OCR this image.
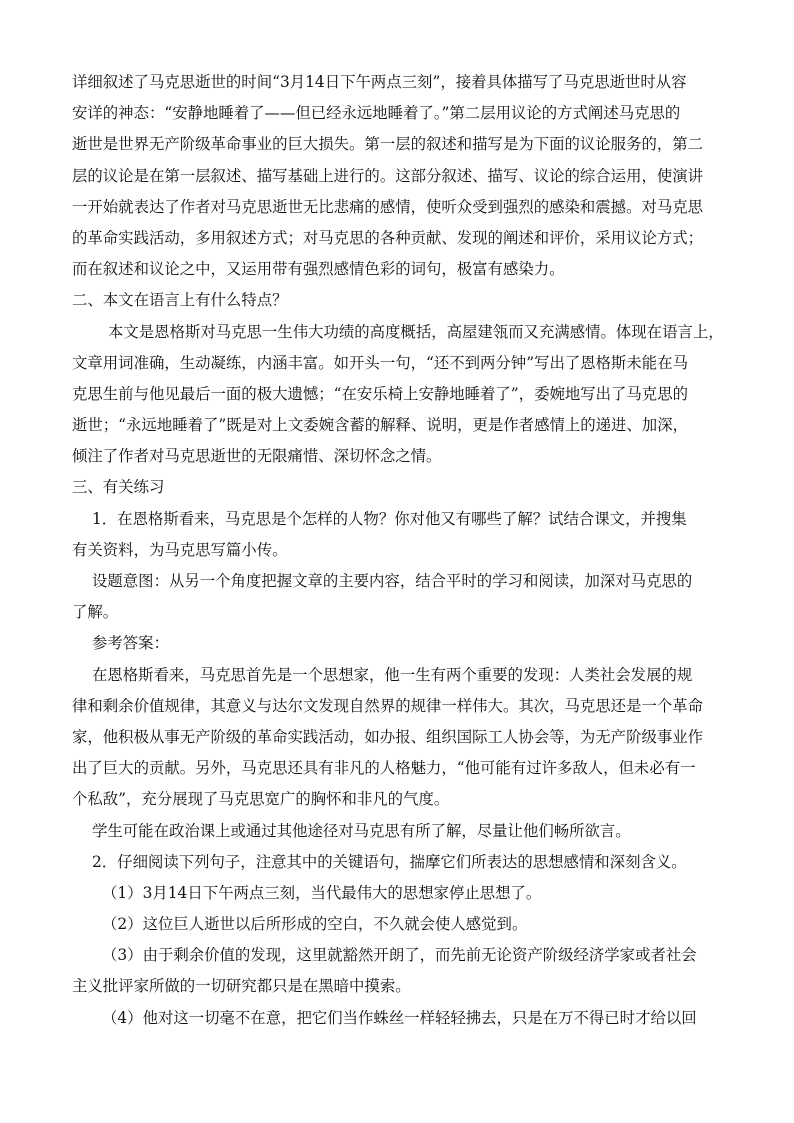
详细叙述了马克思逝世的时间“3月14日下午两点三刻”，接着具体描写了马克思逝世时从容
安详的神态：“安静地睡着了——但已经永远地睡着了。”第二层用议论的方式阐述马克思的
逝世是世界无产阶级革命事业的巨大损失。第一层的叙述和描写是为下面的议论服务的，第二
层的议论是在第一层叙述、描写基础上进行的。这部分叙述、描写、议论的综合运用，使演讲
一开始就表达了作者对马克思逝世无比悲痛的感情，使听众受到强烈的感染和震撼。对马克思
的革命实践活动，多用叙述方式；对马克思的各种贡献、发现的阐述和评价，采用议论方式；
而在叙述和议论之中，又运用带有强烈感情色彩的词句，极富有感染力。
二、本文在语言上有什么特点？
本文是恩格斯对马克思一生伟大功绩的高度概括，高屋建瓴而又充满感情。体现在语言上，
文章用词准确，生动凝练，内涵丰富。如开头一句，“还不到两分钟”写出了恩格斯未能在马
克思生前与他见最后一面的极大遗憾；“在安乐椅上安静地睡着了”，委婉地写出了马克思的
逝世；“永远地睡着了”既是对上文委婉含蓄的解释、说明，更是作者感情上的递进、加深，
倾注了作者对马克思逝世的无限痛惜、深切怀念之情。
三、有关练习
1．在恩格斯看来，马克思是个怎样的人物？你对他又有哪些了解？试结合课文，并搜集
有关资料，为马克思写篇小传。
设题意图：从另一个角度把握文章的主要内容，结合平时的学习和阅读，加深对马克思的
了解。
参考答案：
在恩格斯看来，马克思首先是一个思想家，他一生有两个重要的发现：人类社会发展的规
律和剩余价值规律，其意义与达尔文发现自然界的规律一样伟大。其次，马克思还是一个革命
家，他积极从事无产阶级的革命实践活动，如办报、组织国际工人协会等，为无产阶级事业作
出了巨大的贡献。另外，马克思还具有非凡的人格魅力，“他可能有过许多敌人，但未必有一
个私敌”，充分展现了马克思宽广的胸怀和非凡的气度。
学生可能在政治课上或通过其他途径对马克思有所了解，尽量让他们畅所欲言。
2．仔细阅读下列句子，注意其中的关键语句，揣摩它们所表达的思想感情和深刻含义。
（1）3月14日下午两点三刻，当代最伟大的思想家停止思想了。
（2）这位巨人逝世以后所形成的空白，不久就会使人感觉到。
（3）由于剩余价值的发现，这里就豁然开朗了，而先前无论资产阶级经济学家或者社会
主义批评家所做的一切研究都只是在黑暗中摸索。
（4）他对这一切毫不在意，把它们当作蛛丝一样轻轻拂去，只是在万不得已时才给以回
